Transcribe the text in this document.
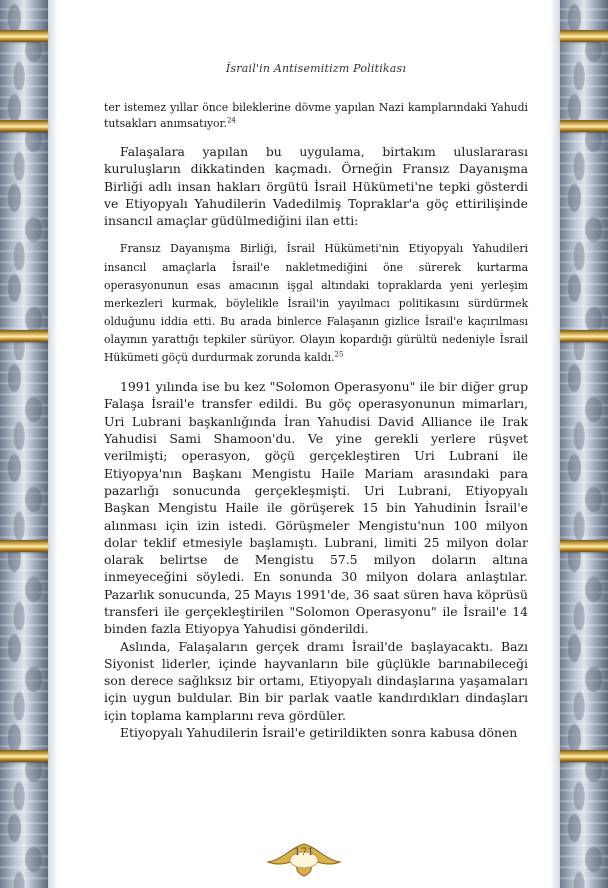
İsrail'in Antisemitizm Politikası

ter istemez yıllar önce bileklerine dövme yapılan Nazi kamplarındaki Yahudi tutsakları anımsatıyor.$^{24}$

Falaşalara yapılan bu uygulama, birtakım uluslararası kuruluşların dikkatinden kaçmadı. Örneğin Fransız Dayanışma Birliği adlı insan hakları örgütü İsrail Hükümeti'ne tepki gösterdi ve Etiyopyalı Yahudilerin Vadedilmiş Topraklar'a göç ettirilişinde insancıl amaçlar güdülmediğini ilan etti:

Fransız Dayanışma Birliği, İsrail Hükümeti'nin Etiyopyalı Yahudileri insancıl amaçlarla İsrail'e nakletmediğini öne sürerek kurtarma operasyonunun esas amacının işgal altındaki topraklarda yeni yerleşim merkezleri kurmak, böylelikle İsrail'in yayılmacı politikasını sürdürmek olduğunu iddia etti. Bu arada binlerce Falaşanın gizlice İsrail'e kaçırılması olayının yarattığı tepkiler sürüyor. Olayın kopardığı gürültü nedeniyle İsrail Hükümeti göçü durdurmak zorunda kaldı.$^{25}$

1991 yılında ise bu kez "Solomon Operasyonu" ile bir diğer grup Falaşa İsrail'e transfer edildi. Bu göç operasyonunun mimarları, Uri Lubrani başkanlığında İran Yahudisi David Alliance ile Irak Yahudisi Sami Shamoon'du. Ve yine gerekli yerlere rüşvet verilmişti; operasyon, göçü gerçekleştiren Uri Lubrani ile Etiyopya'nın Başkanı Mengistu Haile Mariam arasındaki para pazarlığı sonucunda gerçekleşmişti. Uri Lubrani, Etiyopyalı Başkan Mengistu Haile ile görüşerek 15 bin Yahudinin İsrail'e alınması için izin istedi. Görüşmeler Mengistu'nun 100 milyon dolar teklif etmesiyle başlamıştı. Lubrani, limiti 25 milyon dolar olarak belirtse de Mengistu 57.5 milyon doların altına inmeyeceğini söyledi. En sonunda 30 milyon dolara anlaştılar. Pazarlık sonucunda, 25 Mayıs 1991'de, 36 saat süren hava köprüsü transferi ile gerçekleştirilen "Solomon Operasyonu" ile İsrail'e 14 binden fazla Etiyopya Yahudisi gönderildi.

Aslında, Falaşaların gerçek dramı İsrail'de başlayacaktı. Bazı Siyonist liderler, içinde hayvanların bile güçlükle barınabileceği son derece sağlıksız bir ortamı, Etiyopyalı dindaşlarına yaşamaları için uygun buldular. Bin bir parlak vaatle kandırdıkları dindaşları için toplama kamplarını reva gördüler.

Etiyopyalı Yahudilerin İsrail'e getirildikten sonra kabusa dönen

171
